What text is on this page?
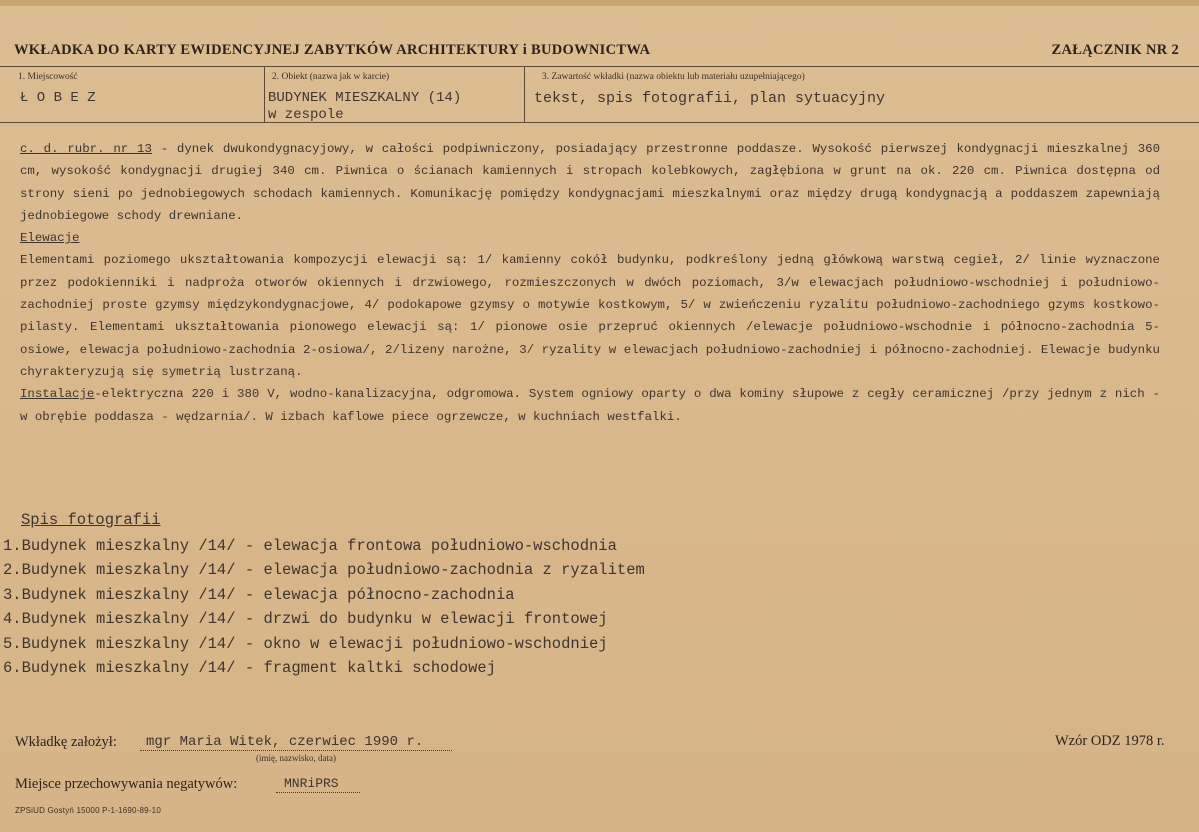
WKŁADKA DO KARTY EWIDENCYJNEJ ZABYTKÓW ARCHITEKTURY i BUDOWNICTWA	ZAŁĄCZNIK NR 2
1. Miejscowość
Ł O B E Z
2. Obiekt (nazwa jak w karcie)
BUDYNEK MIESZKALNY (14)
w zespole
3. Zawartość wkładki (nazwa obiektu lub materiału uzupełniającego)
tekst, spis fotografii, plan sytuacyjny

c. d. rubr. nr 13 - dynek dwukondygnacyjowy, w całości podpiwniczony, posiadający przestronne poddasze. Wysokość pierwszej kondygnacji mieszkalnej 360 cm, wysokość kondygnacji drugiej 340 cm. Piwnica o ścianach kamiennych i stropach kolebkowych, zagłębiona w grunt na ok. 220 cm. Piwnica dostępna od strony sieni po jednobiegowych schodach kamiennych. Komunikację pomiędzy kondygnacjami mieszkalnymi oraz między drugą kondygnacją a poddaszem zapewniają jednobiegowe schody drewniane.

Elewacje

Elementami poziomego ukształtowania kompozycji elewacji są: 1/ kamienny cokół budynku, podkreślony jedną główkową warstwą cegieł, 2/ linie wyznaczone przez podokienniki i nadproża otworów okiennych i drzwiowego, rozmieszczonych w dwóch poziomach, 3/w elewacjach południowo-wschodniej i południowo-zachodniej proste gzymsy międzykondygnacjowe, 4/ podokapowe gzymsy o motywie kostkowym, 5/ w zwieńczeniu ryzalitu południowo-zachodniego gzyms kostkowo-pilasty. Elementami ukształtowania pionowego elewacji są: 1/ pionowe osie przepruć okiennych /elewacje południowo-wschodnie i północno-zachodnia 5-osiowe, elewacja południowo-zachodnia 2-osiowa/, 2/lizeny narożne, 3/ ryzality w elewacjach południowo-zachodniej i północno-zachodniej. Elewacje budynku chyrakteryzują się symetrią lustrzaną.

Instalacje-elektryczna 220 i 380 V, wodno-kanalizacyjna, odgromowa. System ogniowy oparty o dwa kominy słupowe z cegły ceramicznej /przy jednym z nich - w obrębie poddasza - wędzarnia/. W izbach kaflowe piece ogrzewcze, w kuchniach westfalki.

Spis fotografii
1.Budynek mieszkalny /14/ - elewacja frontowa południowo-wschodnia
2.Budynek mieszkalny /14/ - elewacja południowo-zachodnia z ryzalitem
3.Budynek mieszkalny /14/ - elewacja północno-zachodnia
4.Budynek mieszkalny /14/ - drzwi do budynku w elewacji frontowej
5.Budynek mieszkalny /14/ - okno w elewacji południowo-wschodniej
6.Budynek mieszkalny /14/ - fragment kaltki schodowej
Wkładkę założył: mgr Maria Witek, czerwiec 1990 r.
(imię, nazwisko, data)
Wzór ODZ 1978 r.
Miejsce przechowywania negatywów:	MNRiPRS
ZPSiUD Gostyń 15000 P-1-1690-89-10
